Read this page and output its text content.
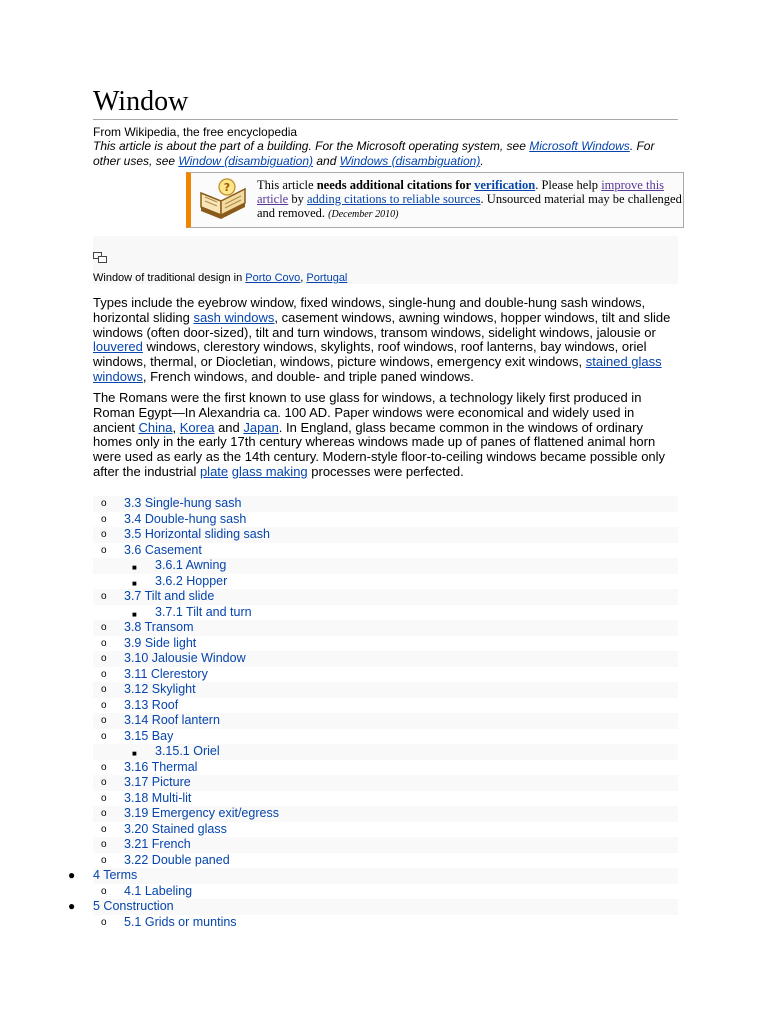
Window
From Wikipedia, the free encyclopedia
This article is about the part of a building. For the Microsoft operating system, see Microsoft Windows. For other uses, see Window (disambiguation) and Windows (disambiguation).
? This article needs additional citations for verification. Please help improve this article by adding citations to reliable sources. Unsourced material may be challenged and removed. (December 2010)
Window of traditional design in Porto Covo, Portugal
Types include the eyebrow window, fixed windows, single-hung and double-hung sash windows, horizontal sliding sash windows, casement windows, awning windows, hopper windows, tilt and slide windows (often door-sized), tilt and turn windows, transom windows, sidelight windows, jalousie or louvered windows, clerestory windows, skylights, roof windows, roof lanterns, bay windows, oriel windows, thermal, or Diocletian, windows, picture windows, emergency exit windows, stained glass windows, French windows, and double- and triple paned windows.
The Romans were the first known to use glass for windows, a technology likely first produced in Roman Egypt—In Alexandria ca. 100 AD. Paper windows were economical and widely used in ancient China, Korea and Japan. In England, glass became common in the windows of ordinary homes only in the early 17th century whereas windows made up of panes of flattened animal horn were used as early as the 14th century. Modern-style floor-to-ceiling windows became possible only after the industrial plate glass making processes were perfected.
o 3.3 Single-hung sash
o 3.4 Double-hung sash
o 3.5 Horizontal sliding sash
o 3.6 Casement
■ 3.6.1 Awning
■ 3.6.2 Hopper
o 3.7 Tilt and slide
■ 3.7.1 Tilt and turn
o 3.8 Transom
o 3.9 Side light
o 3.10 Jalousie Window
o 3.11 Clerestory
o 3.12 Skylight
o 3.13 Roof
o 3.14 Roof lantern
o 3.15 Bay
■ 3.15.1 Oriel
o 3.16 Thermal
o 3.17 Picture
o 3.18 Multi-lit
o 3.19 Emergency exit/egress
o 3.20 Stained glass
o 3.21 French
o 3.22 Double paned
● 4 Terms
o 4.1 Labeling
● 5 Construction
o 5.1 Grids or muntins
